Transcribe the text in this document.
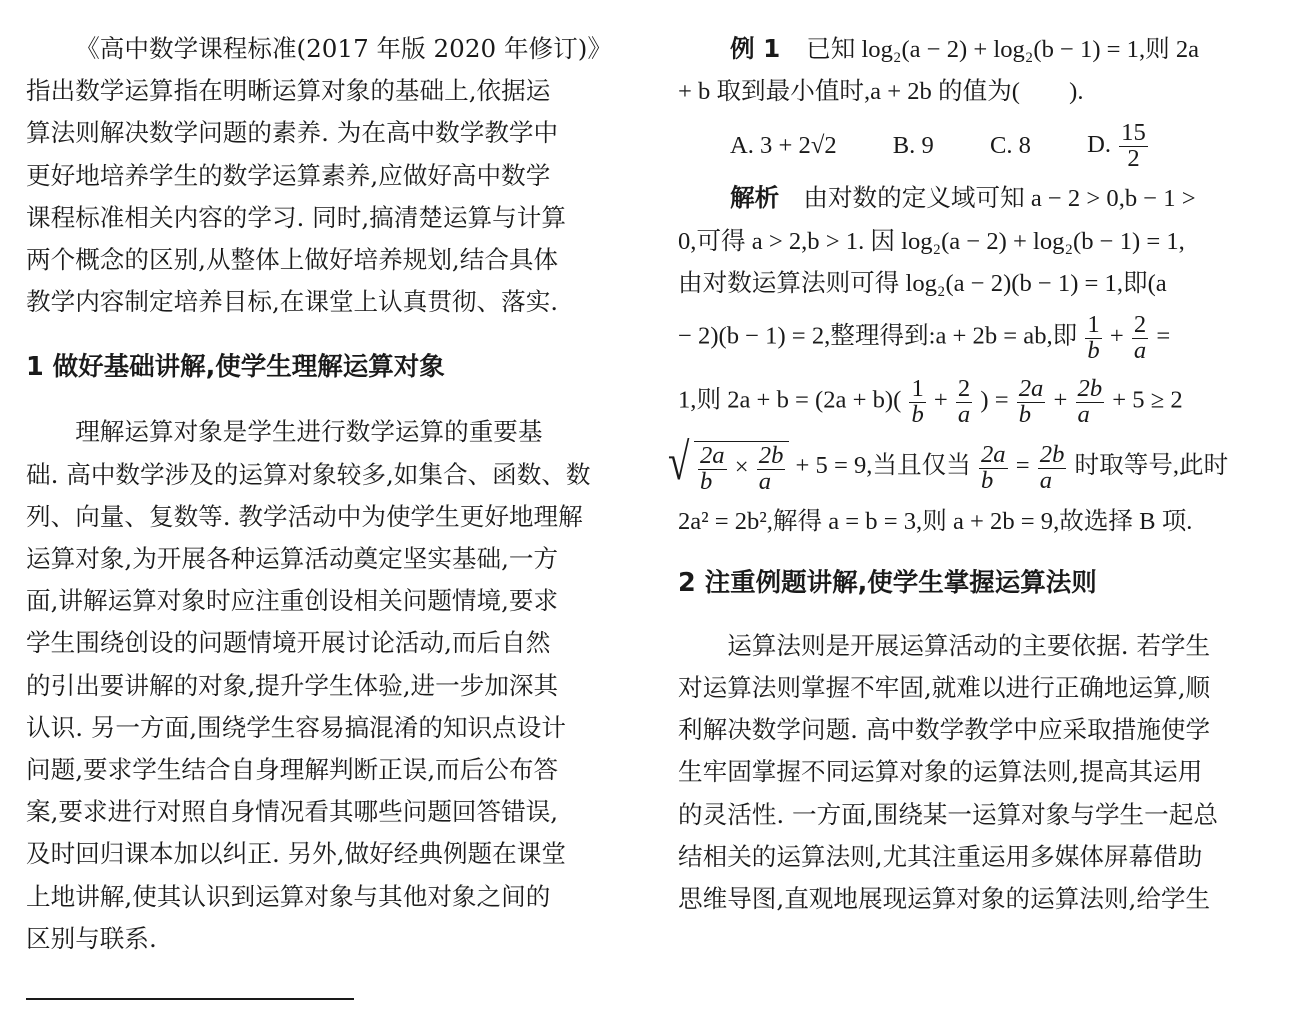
《高中数学课程标准(2017 年版 2020 年修订)》
指出数学运算指在明晰运算对象的基础上,依据运
算法则解决数学问题的素养. 为在高中数学教学中
更好地培养学生的数学运算素养,应做好高中数学
课程标准相关内容的学习. 同时,搞清楚运算与计算
两个概念的区别,从整体上做好培养规划,结合具体
教学内容制定培养目标,在课堂上认真贯彻、落实.
1 做好基础讲解,使学生理解运算对象
理解运算对象是学生进行数学运算的重要基
础. 高中数学涉及的运算对象较多,如集合、函数、数
列、向量、复数等. 教学活动中为使学生更好地理解
运算对象,为开展各种运算活动奠定坚实基础,一方
面,讲解运算对象时应注重创设相关问题情境,要求
学生围绕创设的问题情境开展讨论活动,而后自然
的引出要讲解的对象,提升学生体验,进一步加深其
认识. 另一方面,围绕学生容易搞混淆的知识点设计
问题,要求学生结合自身理解判断正误,而后公布答
案,要求进行对照自身情况看其哪些问题回答错误,
及时回归课本加以纠正. 另外,做好经典例题在课堂
上地讲解,使其认识到运算对象与其他对象之间的
区别与联系.
例 1 已知 log₂(a − 2) + log₂(b − 1) = 1,则 2a
+ b 取到最小值时,a + 2b 的值为(　　).
A. 3 + 2√2 B. 9 C. 8 D. $\frac{15}{2}$
解析 由对数的定义域可知 a − 2 > 0,b − 1 >
0,可得 a > 2,b > 1. 因 log₂(a − 2) + log₂(b − 1) = 1,
由对数运算法则可得 log₂(a − 2)(b − 1) = 1,即(a
− 2)(b − 1) = 2,整理得到:a + 2b = ab,即 $\frac{1}{b} + \frac{2}{a}$ =
1,则 $2a + b = (2a + b)( \frac{1}{b} + \frac{2}{a}$ ) = $\frac{2a}{b} + \frac{2b}{a} + 5 \ge 2$
√ $\frac{2a}{b} \times \frac{2b}{a} + 5 = 9$,当且仅当 $\frac{2a}{b} = \frac{2b}{a}$ 时取等号,此时
2a² = 2b²,解得 a = b = 3,则 a + 2b = 9,故选择 B 项.
2 注重例题讲解,使学生掌握运算法则
运算法则是开展运算活动的主要依据. 若学生
对运算法则掌握不牢固,就难以进行正确地运算,顺
利解决数学问题. 高中数学教学中应采取措施使学
生牢固掌握不同运算对象的运算法则,提高其运用
的灵活性. 一方面,围绕某一运算对象与学生一起总
结相关的运算法则,尤其注重运用多媒体屏幕借助
思维导图,直观地展现运算对象的运算法则,给学生
